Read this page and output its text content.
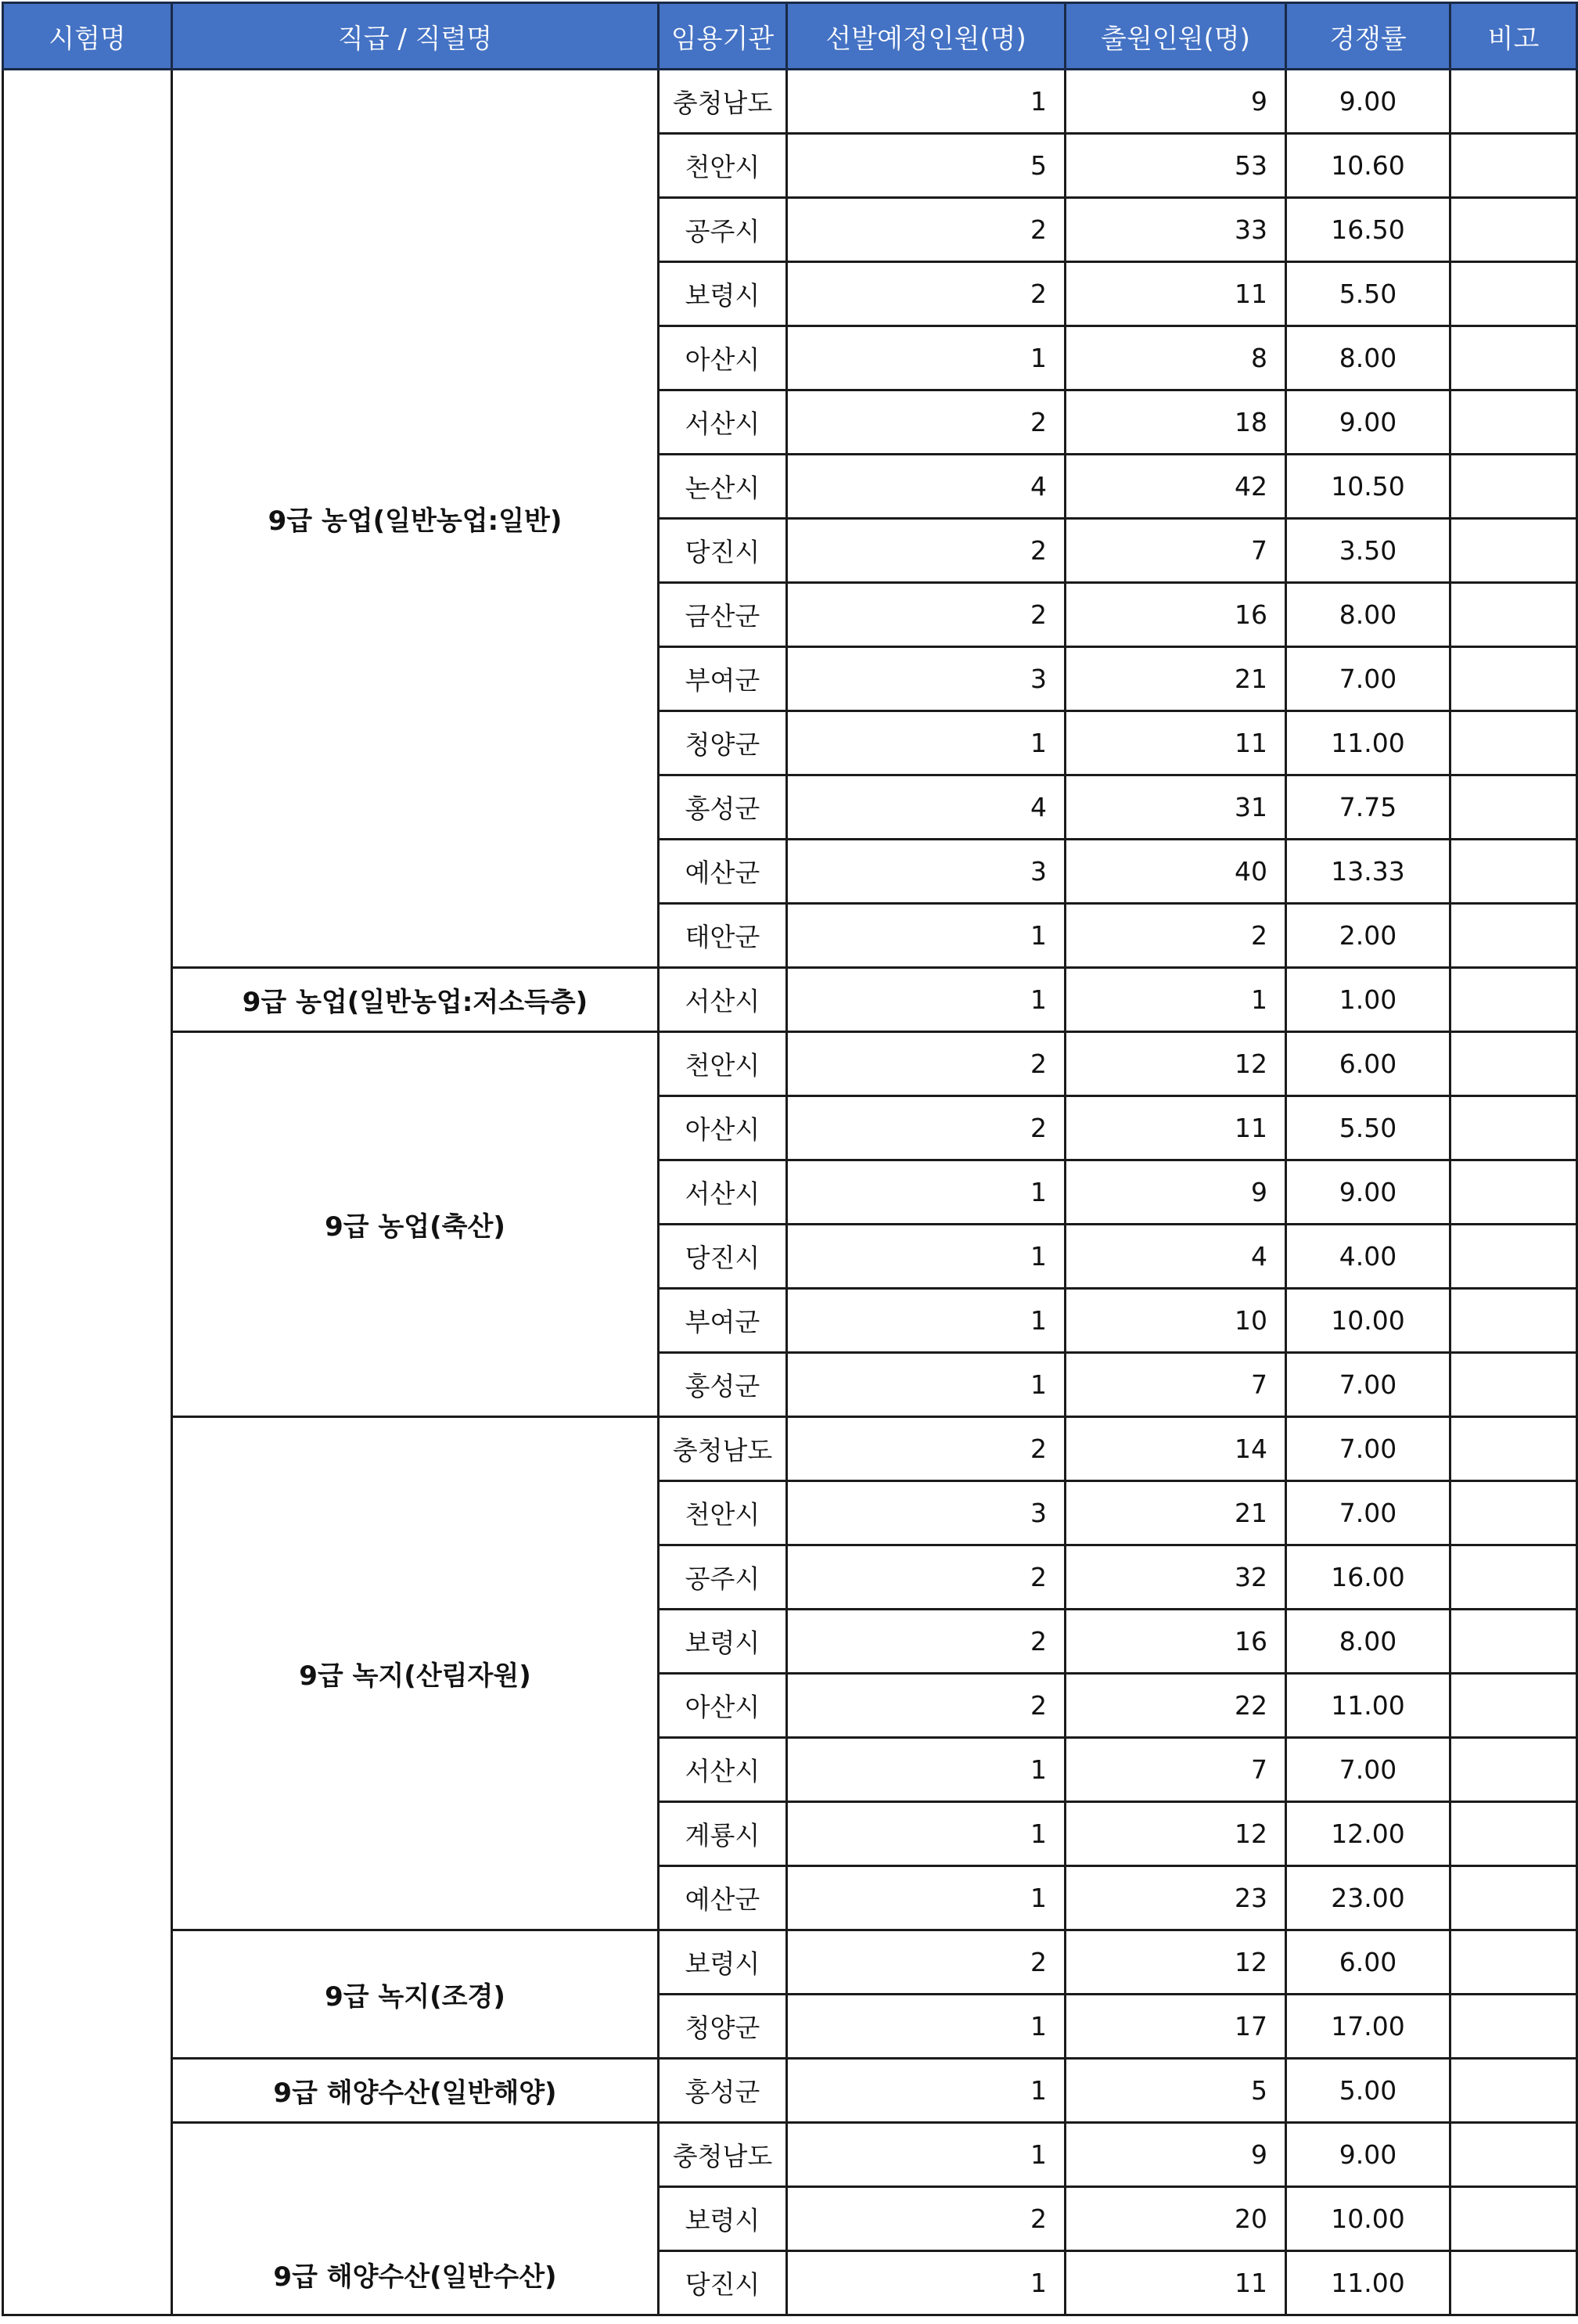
시험명	직급 / 직렬명	임용기관	선발예정인원(명)	출원인원(명)	경쟁률	비고
	9급 농업(일반농업:일반)	충청남도	1	9	9.00	
		천안시	5	53	10.60	
		공주시	2	33	16.50	
		보령시	2	11	5.50	
		아산시	1	8	8.00	
		서산시	2	18	9.00	
		논산시	4	42	10.50	
		당진시	2	7	3.50	
		금산군	2	16	8.00	
		부여군	3	21	7.00	
		청양군	1	11	11.00	
		홍성군	4	31	7.75	
		예산군	3	40	13.33	
		태안군	1	2	2.00	
	9급 농업(일반농업:저소득층)	서산시	1	1	1.00	
	9급 농업(축산)	천안시	2	12	6.00	
		아산시	2	11	5.50	
		서산시	1	9	9.00	
		당진시	1	4	4.00	
		부여군	1	10	10.00	
		홍성군	1	7	7.00	
	9급 녹지(산림자원)	충청남도	2	14	7.00	
		천안시	3	21	7.00	
		공주시	2	32	16.00	
		보령시	2	16	8.00	
		아산시	2	22	11.00	
		서산시	1	7	7.00	
		계룡시	1	12	12.00	
		예산군	1	23	23.00	
	9급 녹지(조경)	보령시	2	12	6.00	
		청양군	1	17	17.00	
	9급 해양수산(일반해양)	홍성군	1	5	5.00	
	9급 해양수산(일반수산)	충청남도	1	9	9.00	
		보령시	2	20	10.00	
		당진시	1	11	11.00	
